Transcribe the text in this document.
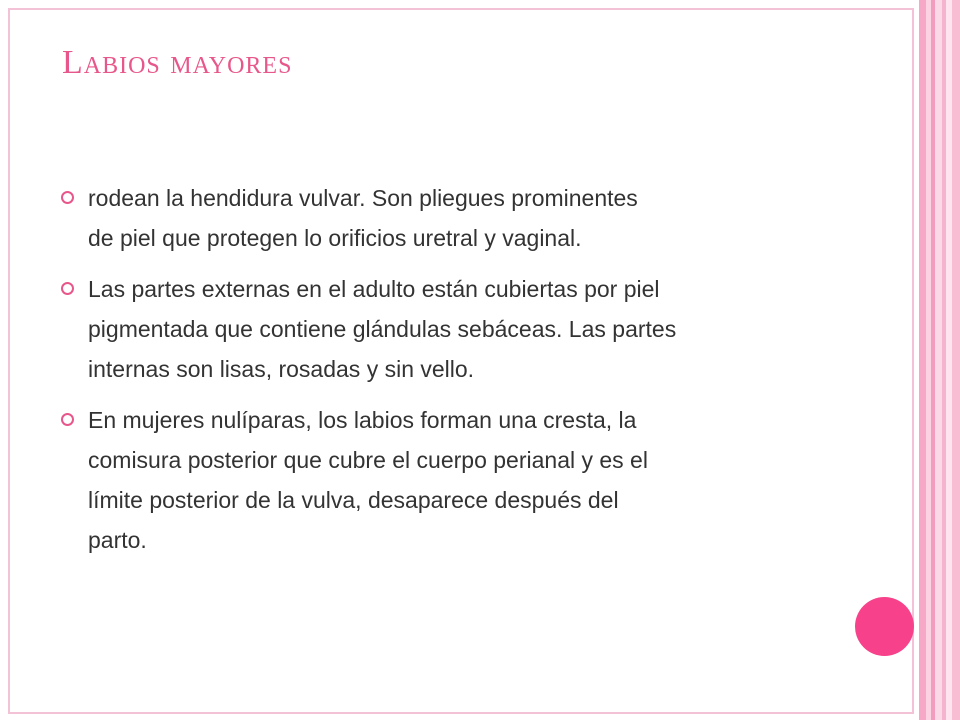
Labios mayores
rodean la hendidura vulvar. Son pliegues prominentes
de piel que protegen lo orificios uretral y vaginal.
Las partes externas en el adulto están cubiertas por piel
pigmentada que contiene glándulas sebáceas. Las partes
internas son lisas, rosadas y sin vello.
En mujeres nulíparas, los labios forman una cresta, la
comisura posterior que cubre el cuerpo perianal y es el
límite posterior de la vulva, desaparece después del
parto.
